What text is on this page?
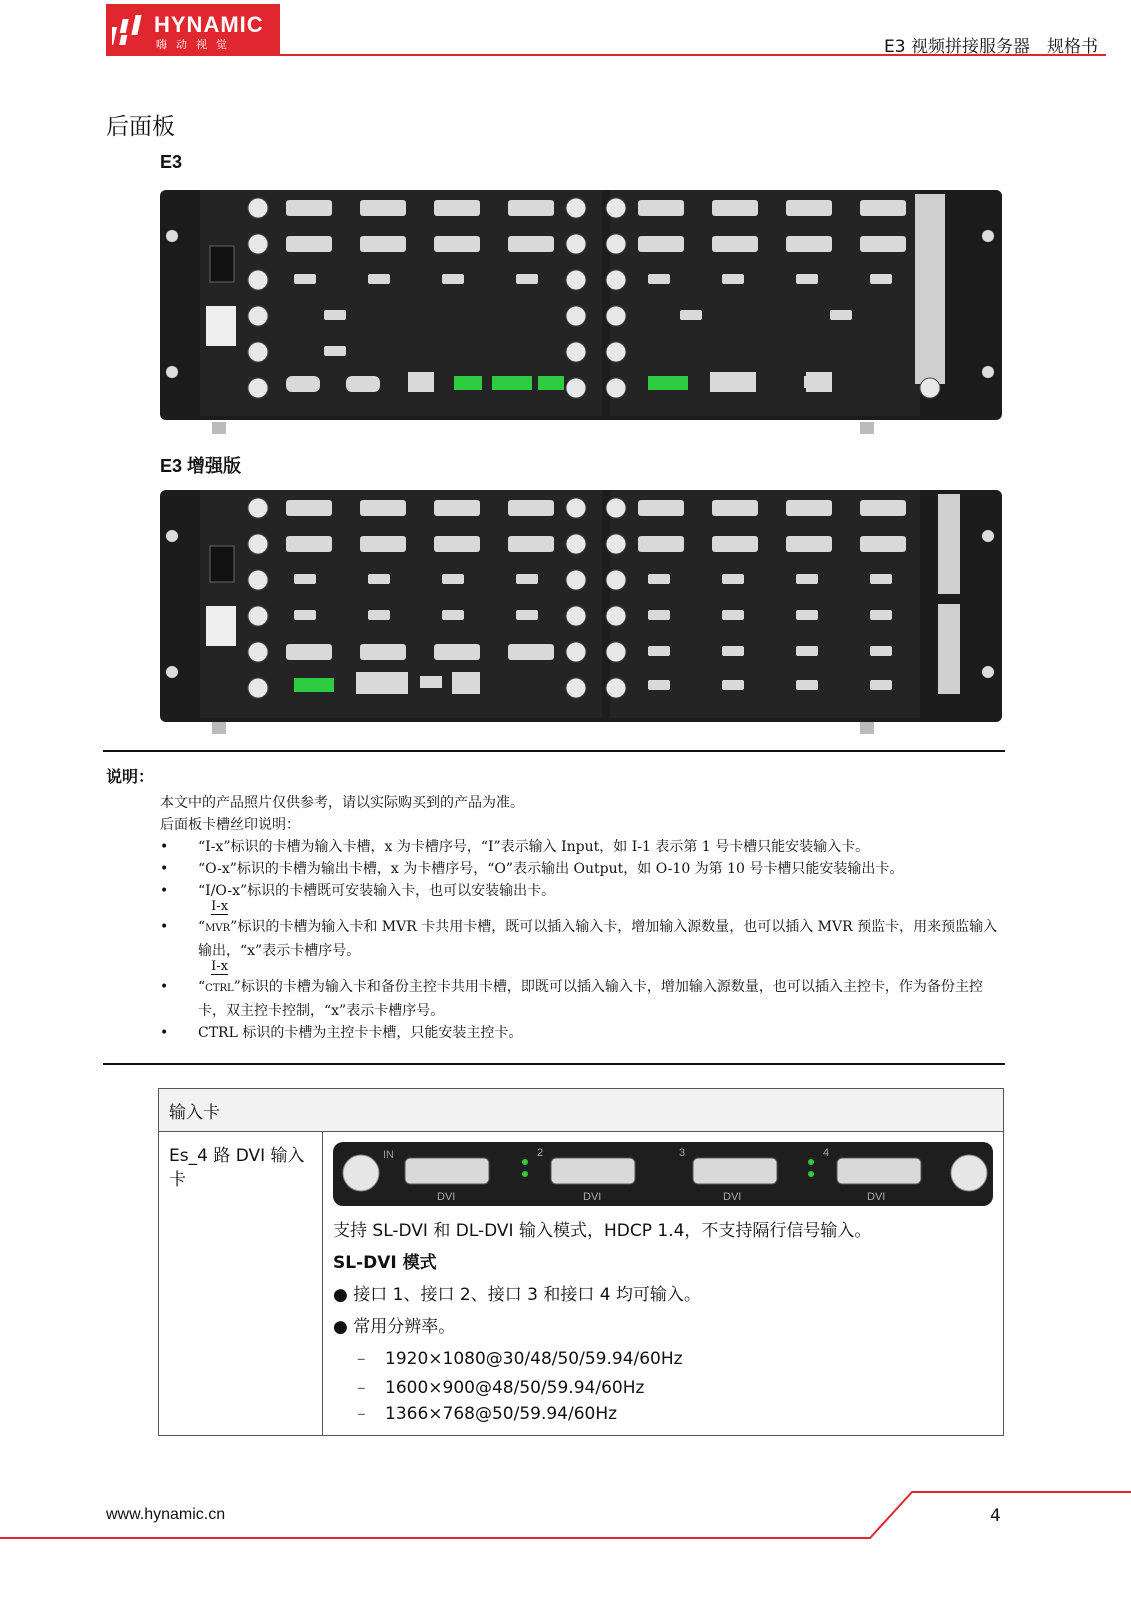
HYNAMIC
嗨动视觉	E3 视频拼接服务器　规格书
后面板
E3
E3 增强版
说明：

本文中的产品照片仅供参考，请以实际购买到的产品为准。

后面板卡槽丝印说明：

• “I-x”标识的卡槽为输入卡槽，x 为卡槽序号，“I”表示输入 Input，如 I-1 表示第 1 号卡槽只能安装输入卡。
• “O-x”标识的卡槽为输出卡槽，x 为卡槽序号，“O”表示输出 Output，如 O-10 为第 10 号卡槽只能安装输出卡。
• “I/O-x”标识的卡槽既可安装输入卡，也可以安装输出卡。
• “ $\frac{I-x}{\text{MVR}}$”标识的卡槽为输入卡和 MVR 卡共用卡槽，既可以插入输入卡，增加输入源数量，也可以插入 MVR 预监卡，用来预监输入输出，“x”表示卡槽序号。
• “ $\frac{I-x}{\text{CTRL}}$”标识的卡槽为输入卡和备份主控卡共用卡槽，即既可以插入输入卡，增加输入源数量，也可以插入主控卡，作为备份主控卡，双主控卡控制，“x”表示卡槽序号。
• CTRL 标识的卡槽为主控卡卡槽，只能安装主控卡。
输入卡
Es_4 路 DVI 输入卡	
IN	2	3	4
DVI	DVI	DVI	DVI

支持 SL-DVI 和 DL-DVI 输入模式，HDCP 1.4，不支持隔行信号输入。

SL-DVI 模式

● 接口 1、接口 2、接口 3 和接口 4 均可输入。

● 常用分辨率。

– 1920×1080@30/48/50/59.94/60Hz

– 1600×900@48/50/59.94/60Hz

– 1366×768@50/59.94/60Hz

www.hynamic.cn	4
